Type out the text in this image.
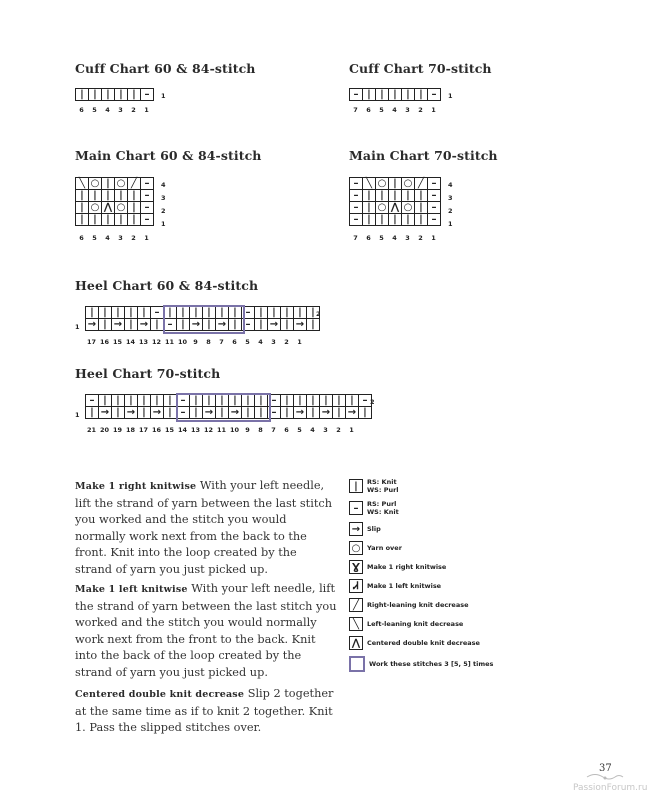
Cuff Chart 60 & 84-stitch
|	|	|	|	|	– 1
6	5	4	3	2	1
Cuff Chart 70-stitch
–	|	|	|	|	|	– 1
7	6	5	4	3	2	1
Main Chart 60 & 84-stitch
╲	○	|	○	╱	–
|	|	|	|	|	–
|	○	⋀	○	|	–
|	|	|	|	|	–
4
3
2
1
6	5	4	3	2	1
Main Chart 70-stitch
–	╲	○	|	○	╱	–
–	|	|	|	|	|	–
–	|	○	⋀	○	|	–
–	|	|	|	|	|	–
4
3
2
1
7	6	5	4	3	2	1
Heel Chart 60 & 84-stitch
|	|	|	|	|	–	|	|	|	|	|	|	–	|	|	|	|	|
→	|	→	|	→	|	–	|	→	|	→	|	–	|	→	|	→	|
2
1
17 16 15 14 13 12 11 10 9	8	7	6	5	4	3	2	1
Heel Chart 70-stitch
–	|	|	|	|	|	|	–	|	|	|	|	|	|	–	|	|	|	|	|	|	–
|	→	|	→	|	→	|	–	|	→	|	→	|	|	–	|	→	|	→	|	→	|
2
1
21 20 19 18 17 16 15 14 13 12 11 10 9	8	7	6	5	4	3	2	1

Make 1 right knitwise With your left needle, lift the strand of yarn between the last stitch you worked and the stitch you would normally work next from the back to the front. Knit into the loop created by the strand of yarn you just picked up.

Make 1 left knitwise With your left needle, lift the strand of yarn between the last stitch you worked and the stitch you would normally work next from the front to the back. Knit into the back of the loop created by the strand of yarn you just picked up.

Centered double knit decrease Slip 2 together at the same time as if to knit 2 together. Knit 1. Pass the slipped stitches over.

|	RS: Knit
WS: Purl
–	RS: Purl
WS: Knit
→	Slip
○	Yarn over
Ɣ	Make 1 right knitwise
Ꮧ	Make 1 left knitwise
╱	Right-leaning knit decrease
╲	Left-leaning knit decrease
⋀	Centered double knit decrease
Work these stitches 3 [5, 5] times
37
PassionForum.ru
